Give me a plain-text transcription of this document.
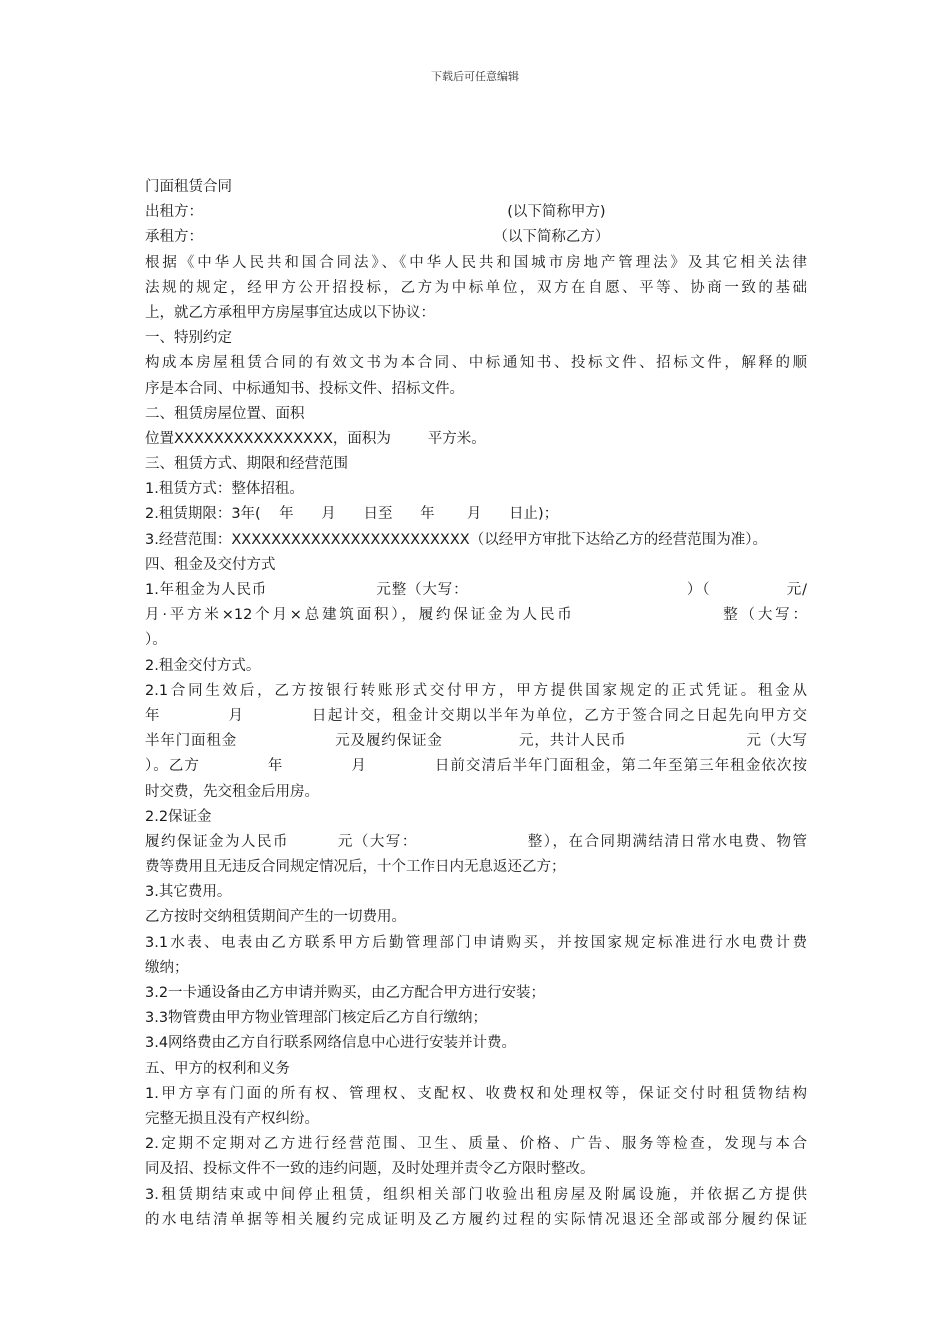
下载后可任意编辑
门面租赁合同
出租方：                                                                  (以下简称甲方)
承租方：                                                               （以下简称乙方）
根据《中华人民共和国合同法》、《中华人民共和国城市房地产管理法》及其它相关法律
法规的规定，经甲方公开招投标，乙方为中标单位，双方在自愿、平等、协商一致的基础
上，就乙方承租甲方房屋事宜达成以下协议：
一、特别约定
构成本房屋租赁合同的有效文书为本合同、中标通知书、投标文件、招标文件，解释的顺
序是本合同、中标通知书、投标文件、招标文件。
二、租赁房屋位置、面积
位置XXXXXXXXXXXXXXXX，面积为        平方米。
三、租赁方式、期限和经营范围
1.租赁方式：整体招租。
2.租赁期限：3年(    年      月      日至      年       月      日止)；
3.经营范围：XXXXXXXXXXXXXXXXXXXXXXXX（以经甲方审批下达给乙方的经营范围为准）。
四、租金及交付方式
1.年租金为人民币                    元整（大写：                                        ）（              元/
月·平方米×12个月×总建筑面积），履约保证金为人民币                    整（大写：
）。
2.租金交付方式。
2.1合同生效后，乙方按银行转账形式交付甲方，甲方提供国家规定的正式凭证。租金从
年           月           日起计交，租金计交期以半年为单位，乙方于签合同之日起先向甲方交
半年门面租金                  元及履约保证金              元，共计人民币                      元（大写
）。乙方            年            月            日前交清后半年门面租金，第二年至第三年租金依次按
时交费，先交租金后用房。
2.2保证金
履约保证金为人民币        元（大写：                  整），在合同期满结清日常水电费、物管
费等费用且无违反合同规定情况后，十个工作日内无息返还乙方；
3.其它费用。
乙方按时交纳租赁期间产生的一切费用。
3.1水表、电表由乙方联系甲方后勤管理部门申请购买，并按国家规定标准进行水电费计费
缴纳；
3.2一卡通设备由乙方申请并购买，由乙方配合甲方进行安装；
3.3物管费由甲方物业管理部门核定后乙方自行缴纳；
3.4网络费由乙方自行联系网络信息中心进行安装并计费。
五、甲方的权利和义务
1.甲方享有门面的所有权、管理权、支配权、收费权和处理权等，保证交付时租赁物结构
完整无损且没有产权纠纷。
2.定期不定期对乙方进行经营范围、卫生、质量、价格、广告、服务等检查，发现与本合
同及招、投标文件不一致的违约问题，及时处理并责令乙方限时整改。
3.租赁期结束或中间停止租赁，组织相关部门收验出租房屋及附属设施，并依据乙方提供
的水电结清单据等相关履约完成证明及乙方履约过程的实际情况退还全部或部分履约保证
